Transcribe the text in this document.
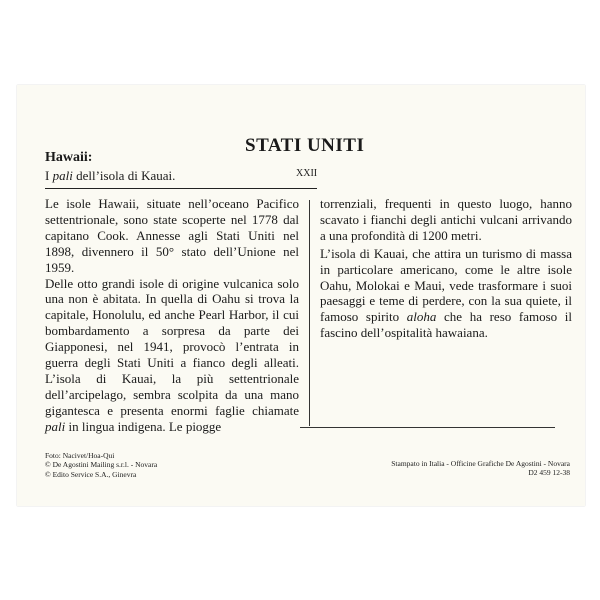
STATI UNITI
XXII
Hawaii:
I pali dell’isola di Kauai.

Le isole Hawaii, situate nell’oceano Pacifico settentrionale, sono state scoperte nel 1778 dal capitano Cook. Annesse agli Stati Uniti nel 1898, divennero il 50° stato dell’Unione nel 1959.

Delle otto grandi isole di origine vulcanica solo una non è abitata. In quella di Oahu si trova la capitale, Honolulu, ed anche Pearl Harbor, il cui bombardamento a sorpresa da parte dei Giapponesi, nel 1941, provocò l’entrata in guerra degli Stati Uniti a fianco degli alleati. L’isola di Kauai, la più settentrionale dell’arcipelago, sembra scolpita da una mano gigantesca e presenta enormi faglie chiamate pali in lingua indigena. Le piogge

torrenziali, frequenti in questo luogo, hanno scavato i fianchi degli antichi vulcani arrivando a una profondità di 1200 metri.

L’isola di Kauai, che attira un turismo di massa in particolare americano, come le altre isole Oahu, Molokai e Maui, vede trasformare i suoi paesaggi e teme di perdere, con la sua quiete, il famoso spirito aloha che ha reso famoso il fascino dell’ospitalità hawaiana.

Foto: Nacivet/Hoa-Qui
© De Agostini Mailing s.r.l. - Novara
© Edito Service S.A., Ginevra
Stampato in Italia - Officine Grafiche De Agostini - Novara
D2 459 12-38
